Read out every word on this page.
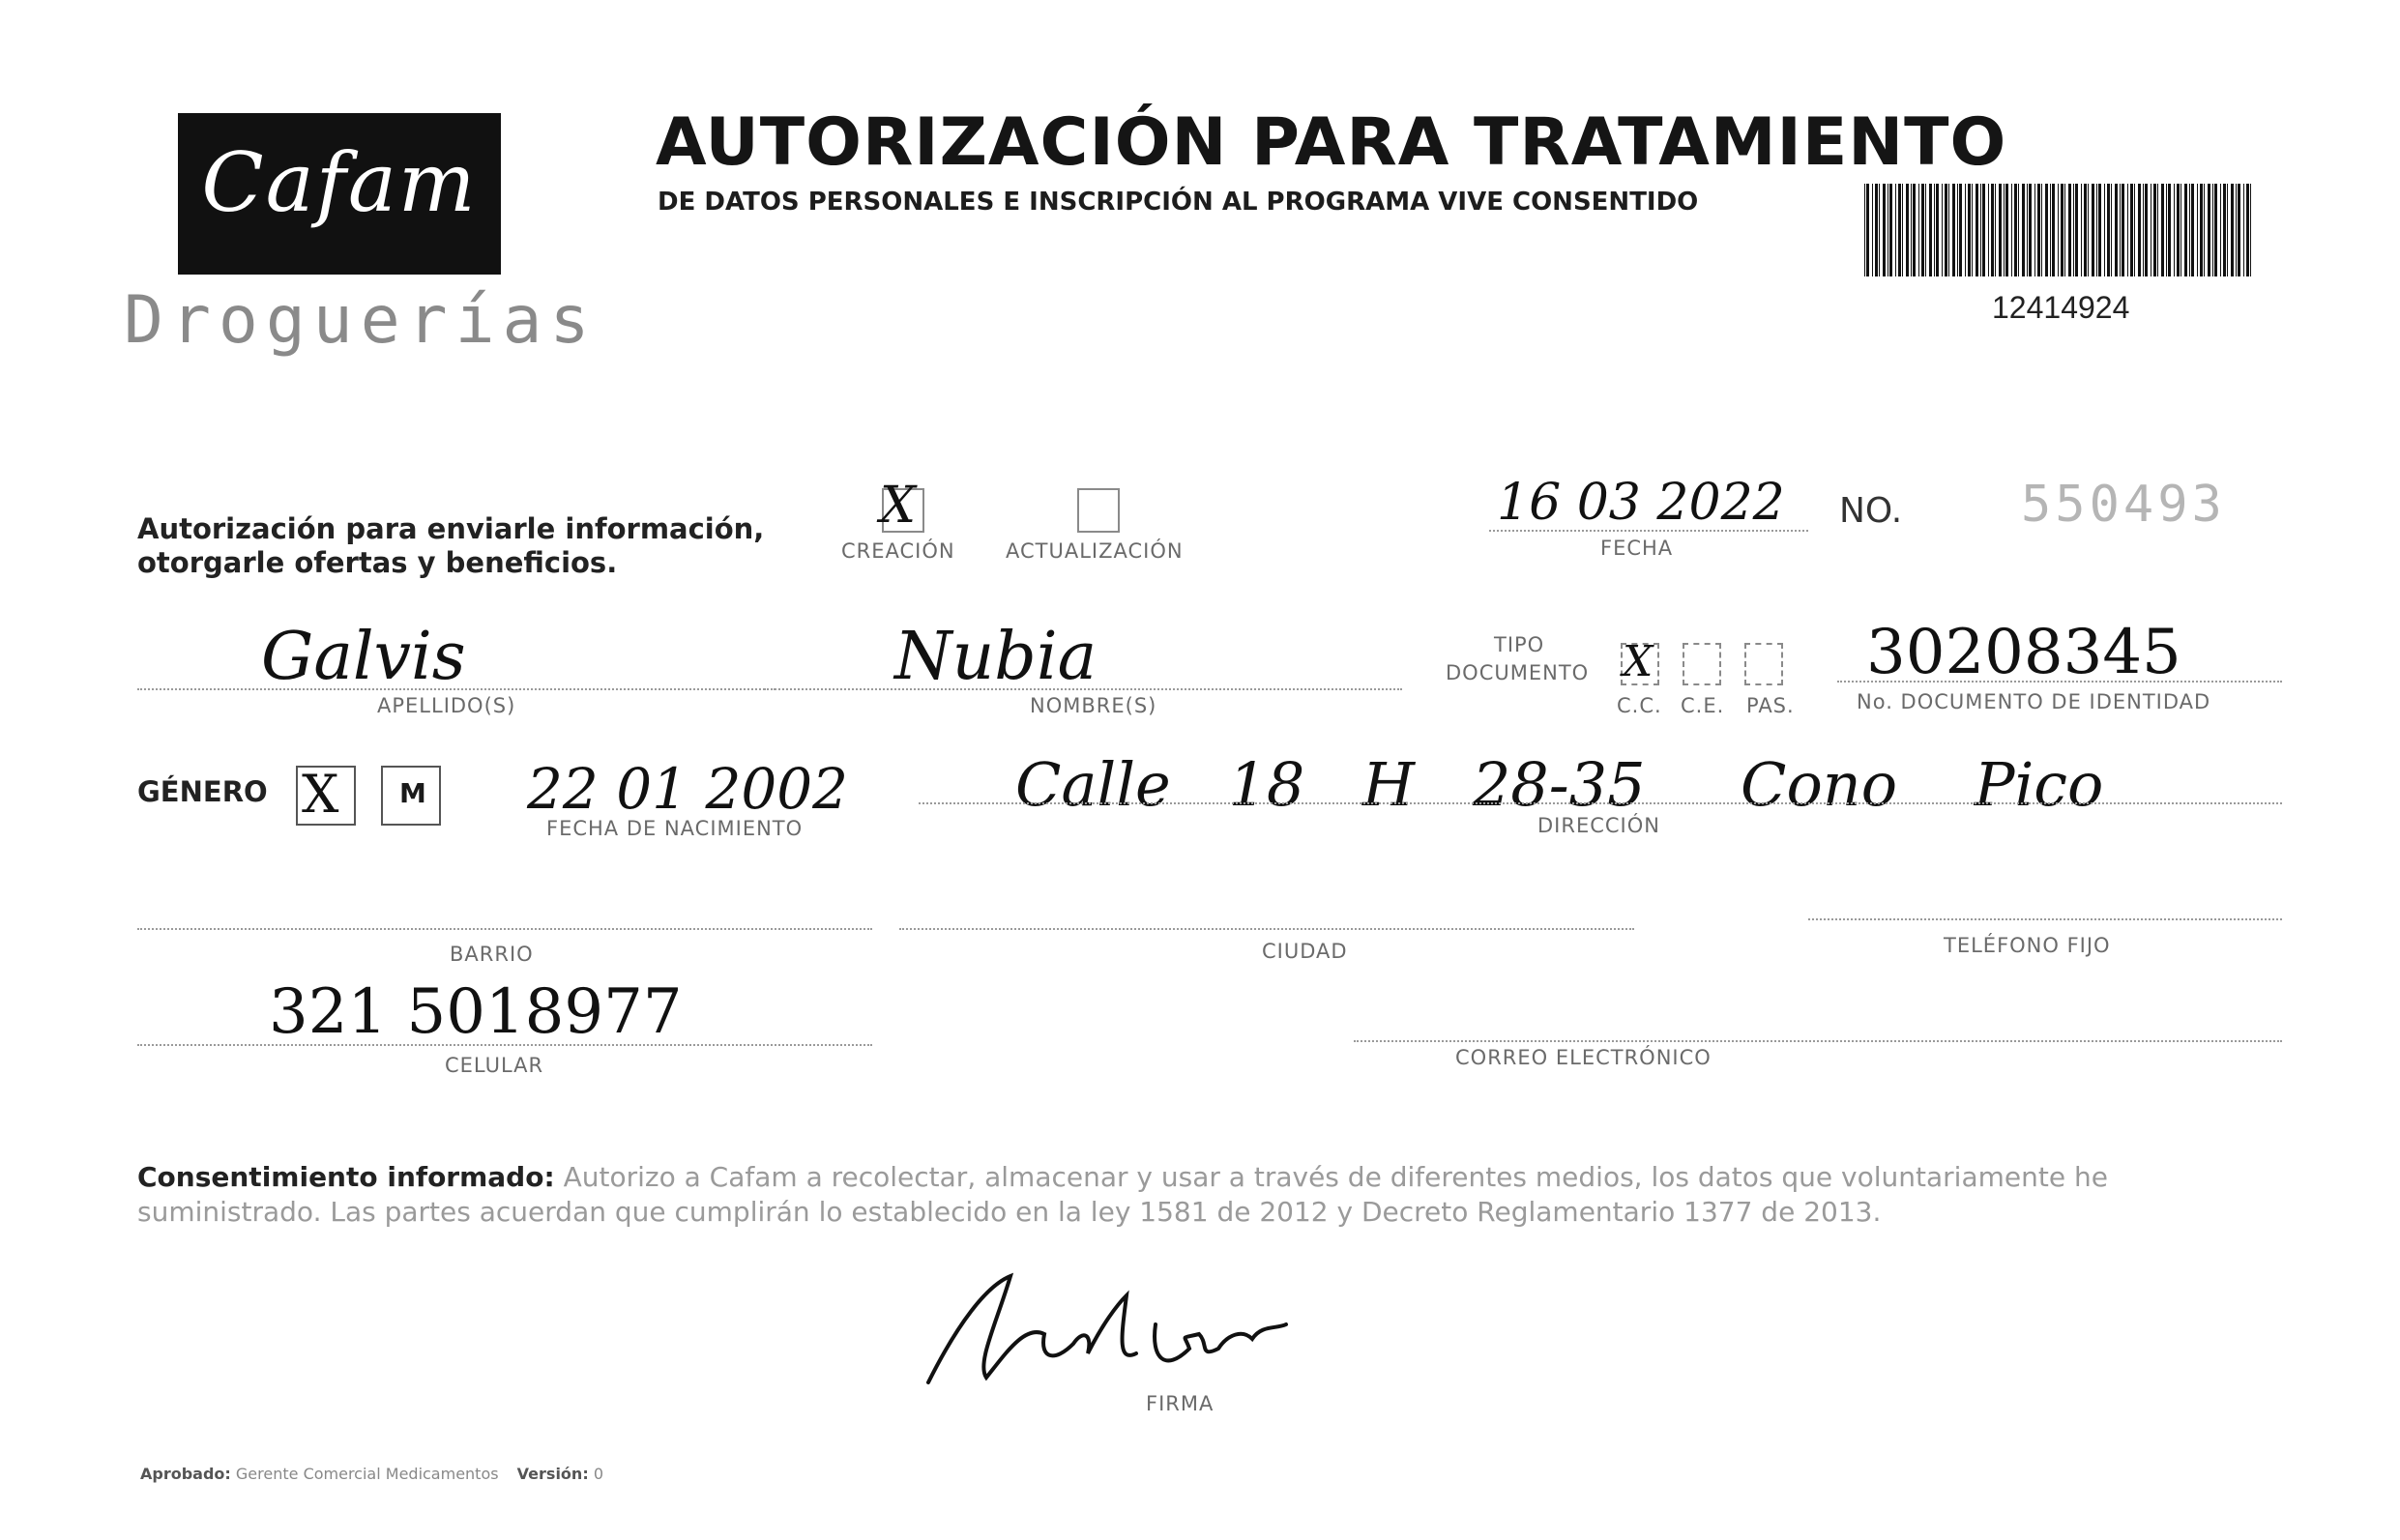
Cafam
Droguerías
AUTORIZACIÓN PARA TRATAMIENTO
DE DATOS PERSONALES E INSCRIPCIÓN AL PROGRAMA VIVE CONSENTIDO
12414924
Autorización para enviarle información,
otorgarle ofertas y beneficios.
X
CREACIÓN ACTUALIZACIÓN
16 03 2022
FECHA
NO. 550493
Galvis
APELLIDO(S)
Nubia
NOMBRE(S)
TIPO
DOCUMENTO X
C.C. C.E. PAS.
30208345
No. DOCUMENTO DE IDENTIDAD
GÉNERO X M 22 01 2002
FECHA DE NACIMIENTO
Calle 18 H 28-35 Cono Pico
DIRECCIÓN
BARRIO	CIUDAD	TELÉFONO FIJO
321 5018977
CELULAR	CORREO ELECTRÓNICO
Consentimiento informado: Autorizo a Cafam a recolectar, almacenar y usar a través de diferentes medios, los datos que voluntariamente he suministrado. Las partes acuerdan que cumplirán lo establecido en la ley 1581 de 2012 y Decreto Reglamentario 1377 de 2013.
FIRMA
Aprobado: Gerente Comercial Medicamentos Versión: 0
